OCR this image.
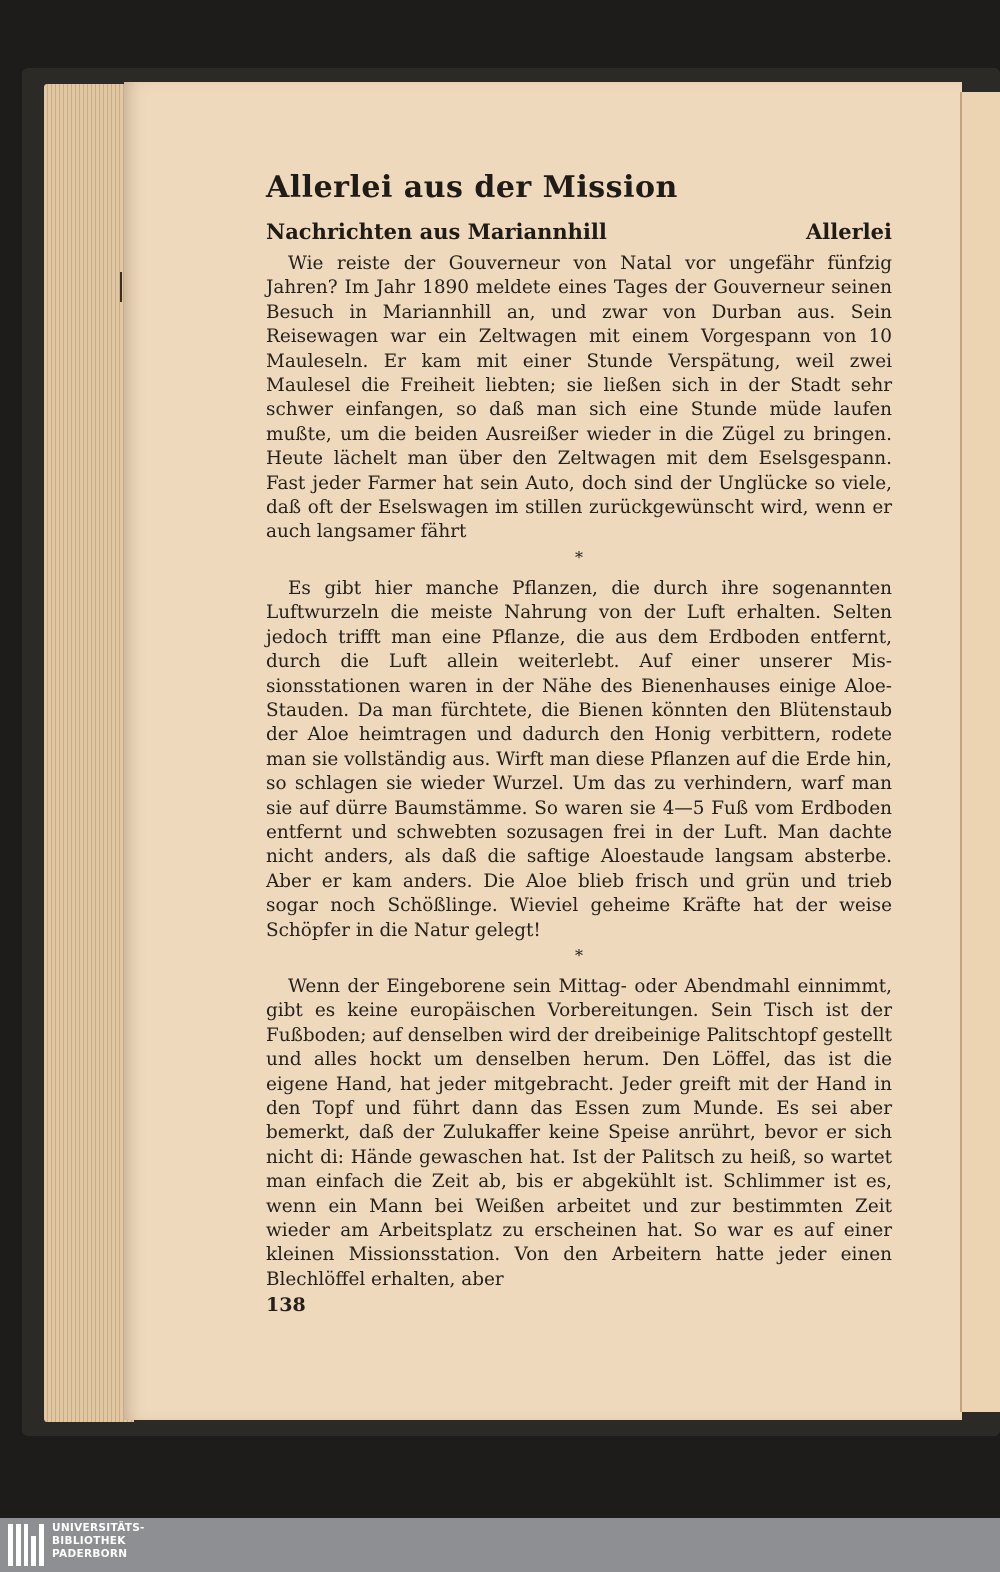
Allerlei aus der Mission
Nachrichten aus Mariannhill	Allerlei

Wie reiste der Gouverneur von Natal vor ungefähr fünfzig Jahren? Im Jahr 1890 meldete eines Tages der Gouverneur seinen Besuch in Mariannhill an, und zwar von Durban aus. Sein Reisewagen war ein Zeltwagen mit einem Vorgespann von 10 Mauleseln. Er kam mit einer Stunde Verspätung, weil zwei Maulesel die Freiheit liebten; sie ließen sich in der Stadt sehr schwer einfangen, so daß man sich eine Stunde müde laufen mußte, um die beiden Ausreißer wieder in die Zügel zu bringen. Heute lächelt man über den Zeltwagen mit dem Eselsgespann. Fast jeder Farmer hat sein Auto, doch sind der Unglücke so viele, daß oft der Eselswagen im stillen zurückgewünscht wird, wenn er auch langsamer fährt

*

Es gibt hier manche Pflanzen, die durch ihre sogenannten Luftwurzeln die meiste Nahrung von der Luft erhalten. Selten jedoch trifft man eine Pflanze, die aus dem Erdboden entfernt, durch die Luft allein weiterlebt. Auf einer unserer Missionsstationen waren in der Nähe des Bienenhauses einige Aloe-Stauden. Da man fürchtete, die Bienen könnten den Blütenstaub der Aloe heimtragen und dadurch den Honig verbittern, rodete man sie vollständig aus. Wirft man diese Pflanzen auf die Erde hin, so schlagen sie wieder Wurzel. Um das zu verhindern, warf man sie auf dürre Baumstämme. So waren sie 4—5 Fuß vom Erdboden entfernt und schwebten sozusagen frei in der Luft. Man dachte nicht anders, als daß die saftige Aloestaude langsam absterbe. Aber er kam anders. Die Aloe blieb frisch und grün und trieb sogar noch Schößlinge. Wieviel geheime Kräfte hat der weise Schöpfer in die Natur gelegt!

*

Wenn der Eingeborene sein Mittag- oder Abendmahl einnimmt, gibt es keine europäischen Vorbereitungen. Sein Tisch ist der Fußboden; auf denselben wird der dreibeinige Palitschtopf gestellt und alles hockt um denselben herum. Den Löffel, das ist die eigene Hand, hat jeder mitgebracht. Jeder greift mit der Hand in den Topf und führt dann das Essen zum Munde. Es sei aber bemerkt, daß der Zulukaffer keine Speise anrührt, bevor er sich nicht di: Hände gewaschen hat. Ist der Palitsch zu heiß, so wartet man einfach die Zeit ab, bis er abgekühlt ist. Schlimmer ist es, wenn ein Mann bei Weißen arbeitet und zur bestimmten Zeit wieder am Arbeitsplatz zu erscheinen hat. So war es auf einer kleinen Missionsstation. Von den Arbeitern hatte jeder einen Blechlöffel erhalten, aber

138
UNIVERSITÄTS-
BIBLIOTHEK
PADERBORN
